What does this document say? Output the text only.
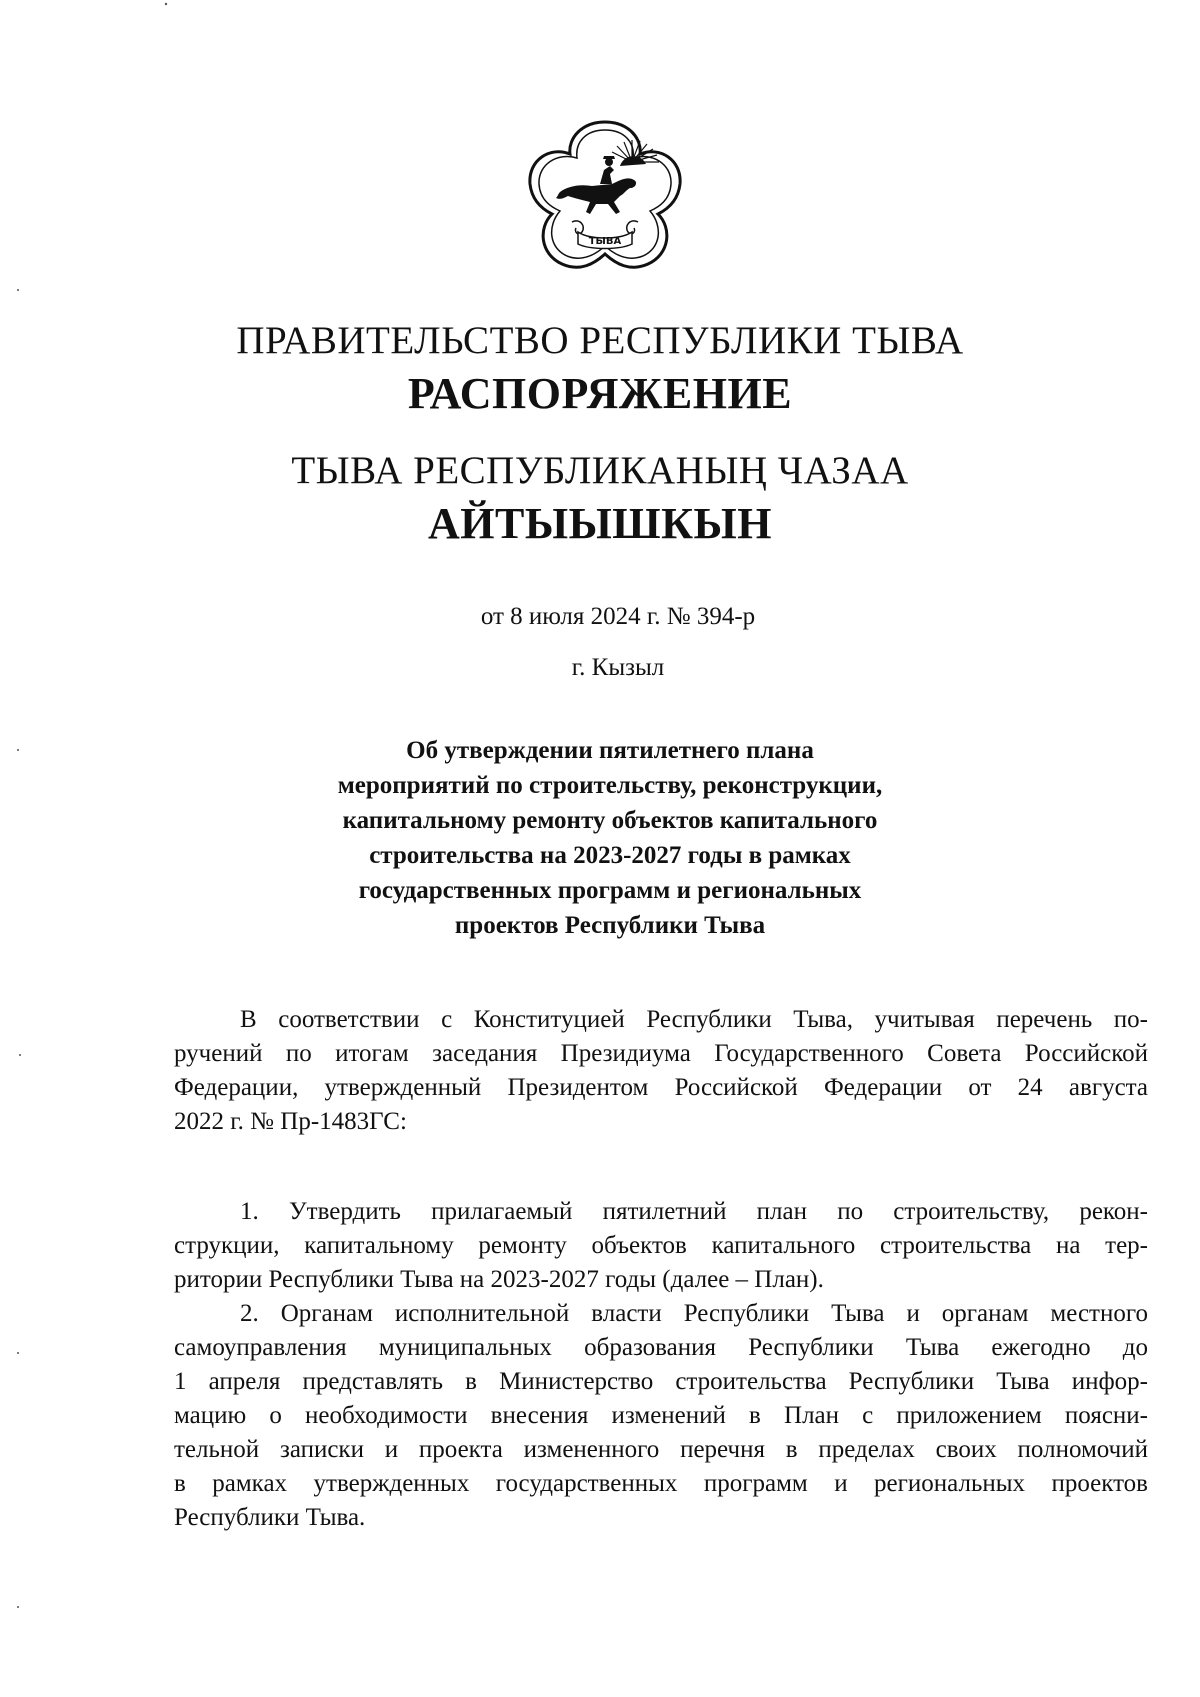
ТЫВА
ПРАВИТЕЛЬСТВО РЕСПУБЛИКИ ТЫВА
РАСПОРЯЖЕНИЕ
ТЫВА РЕСПУБЛИКАНЫҢ ЧАЗАА
АЙТЫЫШКЫН
от 8 июля 2024 г. № 394-р
г. Кызыл
Об утверждении пятилетнего плана
мероприятий по строительству, реконструкции,
капитальному ремонту объектов капитального
строительства на 2023-2027 годы в рамках
государственных программ и региональных
проектов Республики Тыва
В соответствии с Конституцией Республики Тыва, учитывая перечень по-
ручений по итогам заседания Президиума Государственного Совета Российской
Федерации, утвержденный Президентом Российской Федерации от 24 августа
2022 г. № Пр-1483ГС:
1. Утвердить прилагаемый пятилетний план по строительству, рекон-
струкции, капитальному ремонту объектов капитального строительства на тер-
ритории Республики Тыва на 2023-2027 годы (далее – План).
2. Органам исполнительной власти Республики Тыва и органам местного
самоуправления муниципальных образования Республики Тыва ежегодно до
1 апреля представлять в Министерство строительства Республики Тыва инфор-
мацию о необходимости внесения изменений в План с приложением поясни-
тельной записки и проекта измененного перечня в пределах своих полномочий
в рамках утвержденных государственных программ и региональных проектов
Республики Тыва.
